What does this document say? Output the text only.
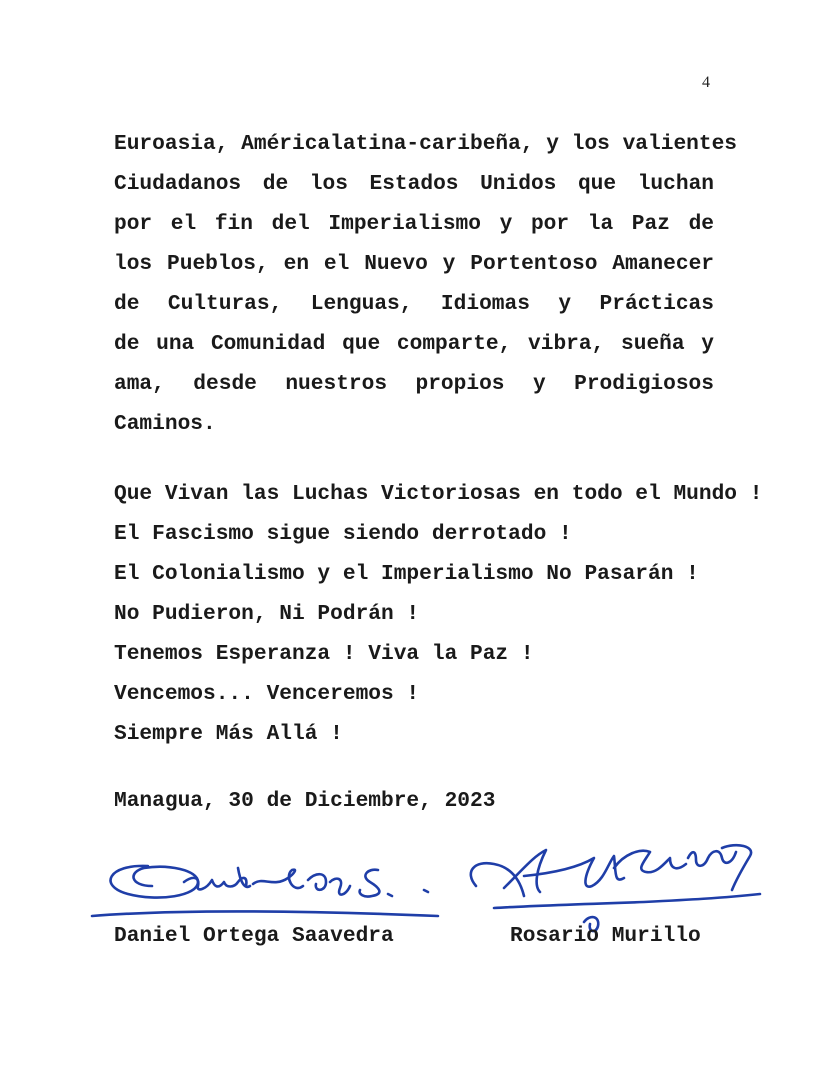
4
Euroasia, Américalatina-caribeña, y los valientes
Ciudadanos de los Estados Unidos que luchan
por el fin del Imperialismo y por la Paz de
los Pueblos, en el Nuevo y Portentoso Amanecer
de Culturas, Lenguas, Idiomas y Prácticas
de una Comunidad que comparte, vibra, sueña y
ama, desde nuestros propios y Prodigiosos
Caminos.
Que Vivan las Luchas Victoriosas en todo el Mundo !
El Fascismo sigue siendo derrotado !
El Colonialismo y el Imperialismo No Pasarán !
No Pudieron, Ni Podrán !
Tenemos Esperanza ! Viva la Paz !
Vencemos... Venceremos !
Siempre Más Allá !
Managua, 30 de Diciembre, 2023
Daniel Ortega Saavedra	Rosario Murillo
